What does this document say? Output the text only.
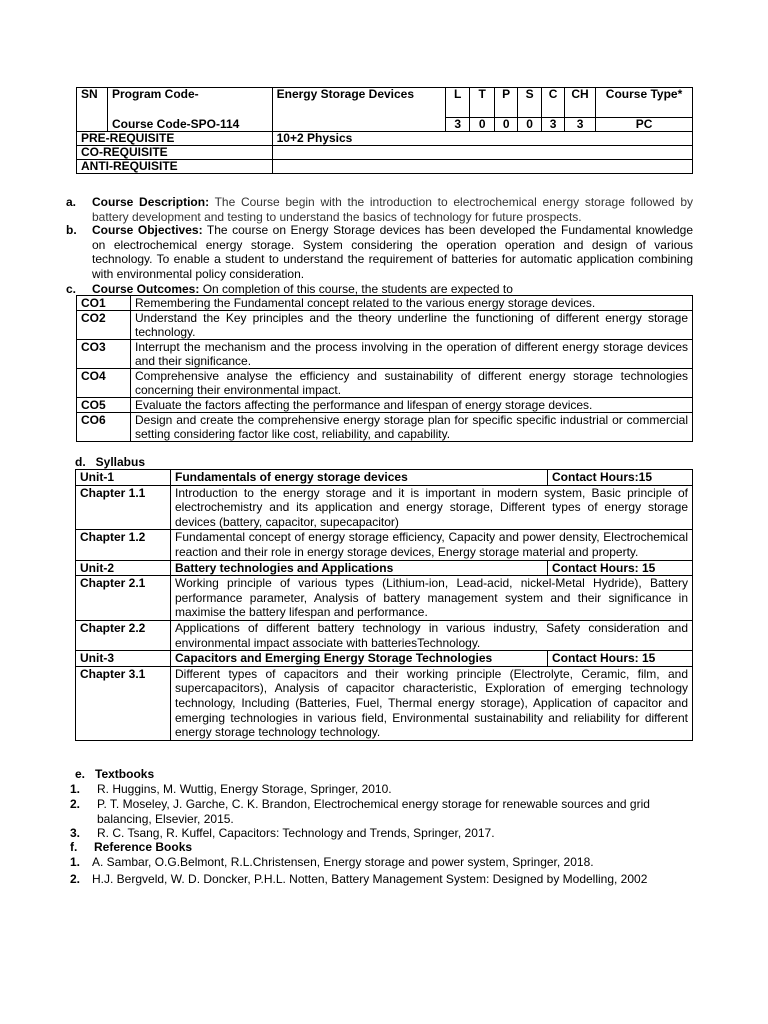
SN	Program Code-	Energy Storage Devices	L	T	P	S	C	CH	Course Type*
	Course Code-SPO-114		3	0	0	0	3	3	PC
PRE-REQUISITE		10+2 Physics							
CO-REQUISITE									
ANTI-REQUISITE									
a. Course Description: The Course begin with the introduction to electrochemical energy storage followed by battery development and testing to understand the basics of technology for future prospects.
b. Course Objectives: The course on Energy Storage devices has been developed the Fundamental knowledge on electrochemical energy storage. System considering the operation operation and design of various technology. To enable a student to understand the requirement of batteries for automatic application combining with environmental policy consideration.
c. Course Outcomes: On completion of this course, the students are expected to
CO1	Remembering the Fundamental concept related to the various energy storage devices.
CO2	Understand the Key principles and the theory underline the functioning of different energy storage technology.
CO3	Interrupt the mechanism and the process involving in the operation of different energy storage devices and their significance.
CO4	Comprehensive analyse the efficiency and sustainability of different energy storage technologies concerning their environmental impact.
CO5	Evaluate the factors affecting the performance and lifespan of energy storage devices.
CO6	Design and create the comprehensive energy storage plan for specific specific industrial or commercial setting considering factor like cost, reliability, and capability.
d.   Syllabus
Unit-1	Fundamentals of energy storage devices	Contact Hours:15
Chapter 1.1	Introduction to the energy storage and it is important in modern system, Basic principle of electrochemistry and its application and energy storage, Different types of energy storage devices (battery, capacitor, supecapacitor)	
Chapter 1.2	Fundamental concept of energy storage efficiency, Capacity and power density, Electrochemical reaction and their role in energy storage devices, Energy storage material and property.	
Unit-2	Battery technologies and Applications	Contact Hours: 15
Chapter 2.1	Working principle of various types (Lithium-ion, Lead-acid, nickel-Metal Hydride), Battery performance parameter, Analysis of battery management system and their significance in maximise the battery lifespan and performance.	
Chapter 2.2	Applications of different battery technology in various industry, Safety consideration and environmental impact associate with batteriesTechnology.	
Unit-3	Capacitors and Emerging Energy Storage Technologies	Contact Hours: 15
Chapter 3.1	Different types of capacitors and their working principle (Electrolyte, Ceramic, film, and supercapacitors), Analysis of capacitor characteristic, Exploration of emerging technology technology, Including (Batteries, Fuel, Thermal energy storage), Application of capacitor and emerging technologies in various field, Environmental sustainability and reliability for different energy storage technology technology.	
e.   Textbooks
1. R. Huggins, M. Wuttig, Energy Storage, Springer, 2010.
2. P. T. Moseley, J. Garche, C. K. Brandon, Electrochemical energy storage for renewable sources and grid balancing, Elsevier, 2015.
3. R. C. Tsang, R. Kuffel, Capacitors: Technology and Trends, Springer, 2017.
f.     Reference Books
1. A. Sambar, O.G.Belmont, R.L.Christensen, Energy storage and power system, Springer, 2018.
2. H.J. Bergveld, W. D. Doncker, P.H.L. Notten, Battery Management System: Designed by Modelling, 2002
